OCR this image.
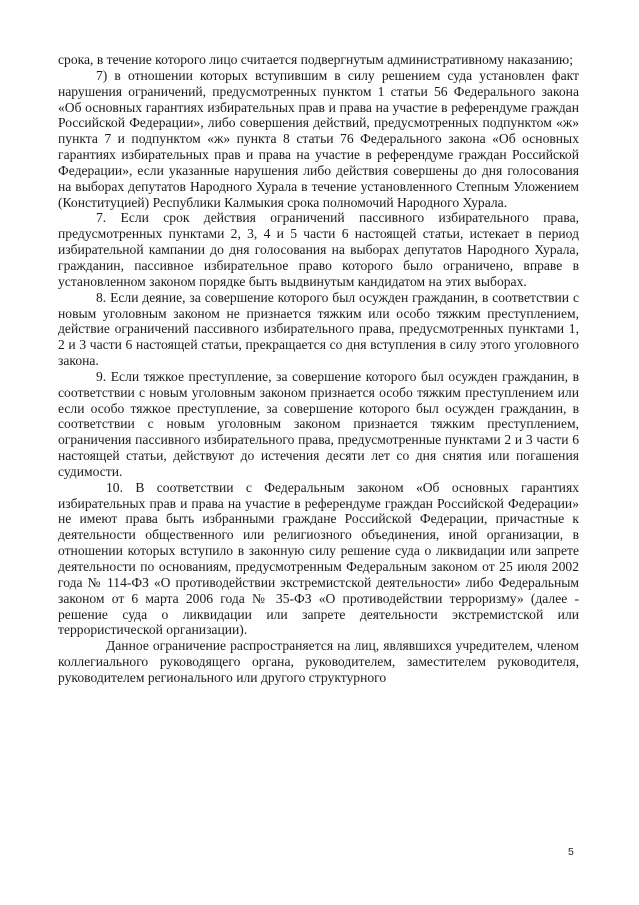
срока, в течение которого лицо считается подвергнутым административному наказанию;

7) в отношении которых вступившим в силу решением суда установлен факт нарушения ограничений, предусмотренных пунктом 1 статьи 56 Федерального закона «Об основных гарантиях избирательных прав и права на участие в референдуме граждан Российской Федерации», либо совершения действий, предусмотренных подпунктом «ж» пункта 7 и подпунктом «ж» пункта 8 статьи 76 Федерального закона «Об основных гарантиях избирательных прав и права на участие в референдуме граждан Российской Федерации», если указанные нарушения либо действия совершены до дня голосования на выборах депутатов Народного Хурала в течение установленного Степным Уложением (Конституцией) Республики Калмыкия срока полномочий Народного Хурала.

7. Если срок действия ограничений пассивного избирательного права, предусмотренных пунктами 2, 3, 4 и 5 части 6 настоящей статьи, истекает в период избирательной кампании до дня голосования на выборах депутатов Народного Хурала, гражданин, пассивное избирательное право которого было ограничено, вправе в установленном законом порядке быть выдвинутым кандидатом на этих выборах.

8. Если деяние, за совершение которого был осужден гражданин, в соответствии с новым уголовным законом не признается тяжким или особо тяжким преступлением, действие ограничений пассивного избирательного права, предусмотренных пунктами 1, 2 и 3 части 6 настоящей статьи, прекращается со дня вступления в силу этого уголовного закона.

9. Если тяжкое преступление, за совершение которого был осужден гражданин, в соответствии с новым уголовным законом признается особо тяжким преступлением или если особо тяжкое преступление, за совершение которого был осужден гражданин, в соответствии с новым уголовным законом признается тяжким преступлением, ограничения пассивного избирательного права, предусмотренные пунктами 2 и 3 части 6 настоящей статьи, действуют до истечения десяти лет со дня снятия или погашения судимости.

10. В соответствии с Федеральным законом «Об основных гарантиях избирательных прав и права на участие в референдуме граждан Российской Федерации» не имеют права быть избранными граждане Российской Федерации, причастные к деятельности общественного или религиозного объединения, иной организации, в отношении которых вступило в законную силу решение суда о ликвидации или запрете деятельности по основаниям, предусмотренным Федеральным законом от 25 июля 2002 года № 114-ФЗ «О противодействии экстремистской деятельности» либо Федеральным законом от 6 марта 2006 года № 35-ФЗ «О противодействии терроризму» (далее - решение суда о ликвидации или запрете деятельности экстремистской или террористической организации).

Данное ограничение распространяется на лиц, являвшихся учредителем, членом коллегиального руководящего органа, руководителем, заместителем руководителя, руководителем регионального или другого структурного

5
